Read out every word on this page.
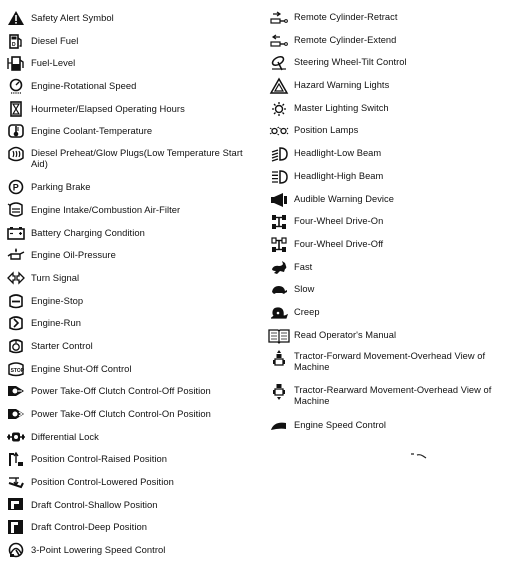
Safety Alert Symbol
D Diesel Fuel
Fuel-Level
Engine-Rotational Speed
Hourmeter/Elapsed Operating Hours
Engine Coolant-Temperature
Diesel Preheat/Glow Plugs(Low Temperature Start Aid)
P Parking Brake
Engine Intake/Combustion Air-Filter
Battery Charging Condition
Engine Oil-Pressure
Turn Signal
Engine-Stop
Engine-Run
Starter Control
STOP Engine Shut-Off Control
Power Take-Off Clutch Control-Off Position
Power Take-Off Clutch Control-On Position
Differential Lock
Position Control-Raised Position
Position Control-Lowered Position
Draft Control-Shallow Position
Draft Control-Deep Position
3-Point Lowering Speed Control
Remote Cylinder-Retract
Remote Cylinder-Extend
Steering Wheel-Tilt Control
Hazard Warning Lights
Master Lighting Switch
Position Lamps
Headlight-Low Beam
Headlight-High Beam
Audible Warning Device
Four-Wheel Drive-On
Four-Wheel Drive-Off
Fast
Slow
Creep
Read Operator's Manual
Tractor-Forward Movement-Overhead View of Machine
Tractor-Rearward Movement-Overhead View of Machine
Engine Speed Control
